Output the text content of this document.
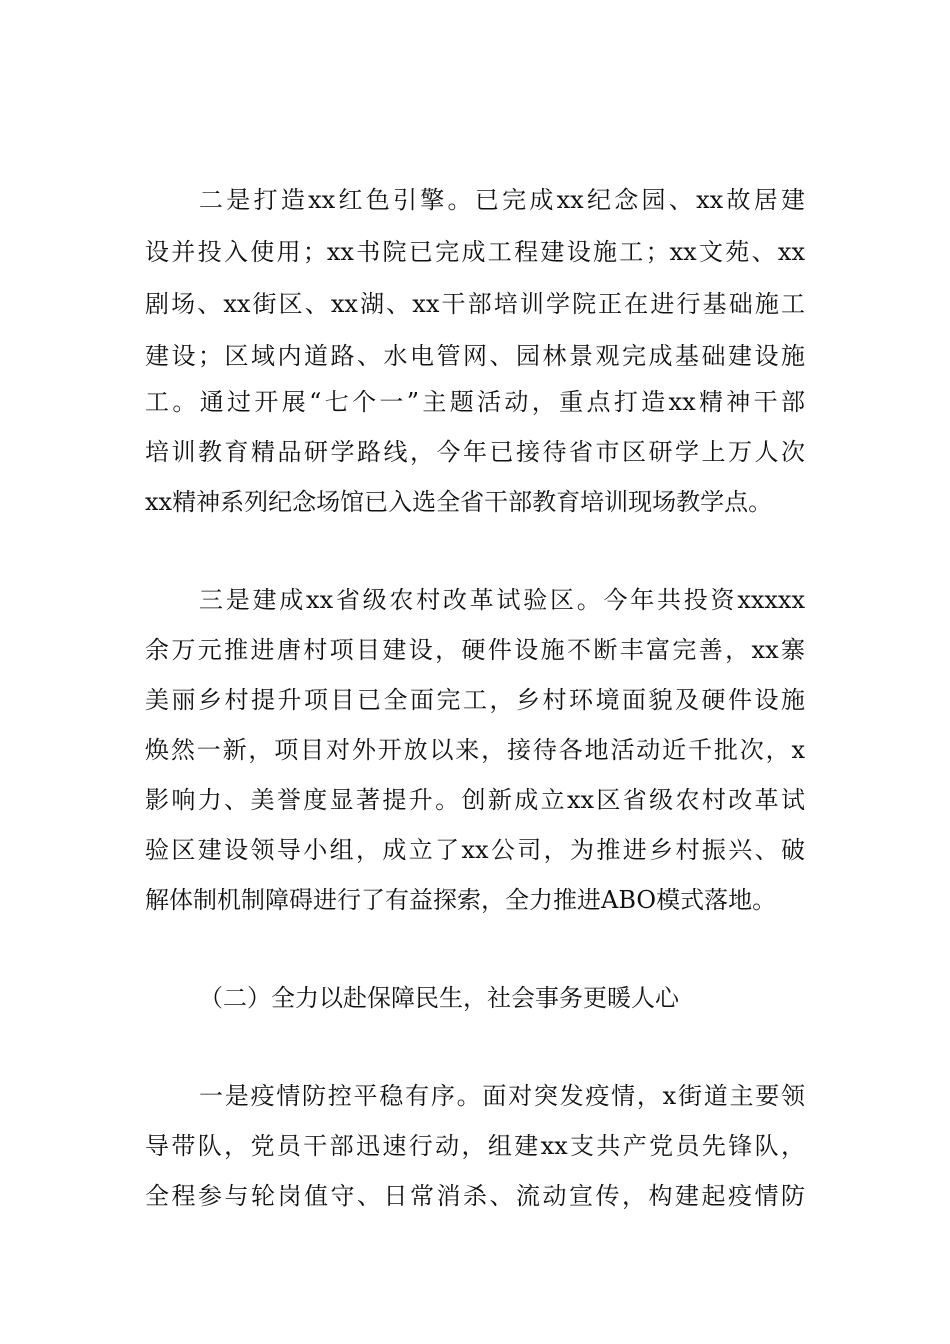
二是打造xx红色引擎。已完成xx纪念园、xx故居建
设并投入使用；xx书院已完成工程建设施工；xx文苑、xx
剧场、xx街区、xx湖、xx干部培训学院正在进行基础施工
建设；区域内道路、水电管网、园林景观完成基础建设施
工。通过开展“七个一”主题活动，重点打造xx精神干部
培训教育精品研学路线，今年已接待省市区研学上万人次
xx精神系列纪念场馆已入选全省干部教育培训现场教学点。
三是建成xx省级农村改革试验区。今年共投资xxxxx
余万元推进唐村项目建设，硬件设施不断丰富完善，xx寨
美丽乡村提升项目已全面完工，乡村环境面貌及硬件设施
焕然一新，项目对外开放以来，接待各地活动近千批次，x
影响力、美誉度显著提升。创新成立xx区省级农村改革试
验区建设领导小组，成立了xx公司，为推进乡村振兴、破
解体制机制障碍进行了有益探索，全力推进ABO模式落地。
（二）全力以赴保障民生，社会事务更暖人心
一是疫情防控平稳有序。面对突发疫情，x街道主要领
导带队，党员干部迅速行动，组建xx支共产党员先锋队，
全程参与轮岗值守、日常消杀、流动宣传，构建起疫情防
